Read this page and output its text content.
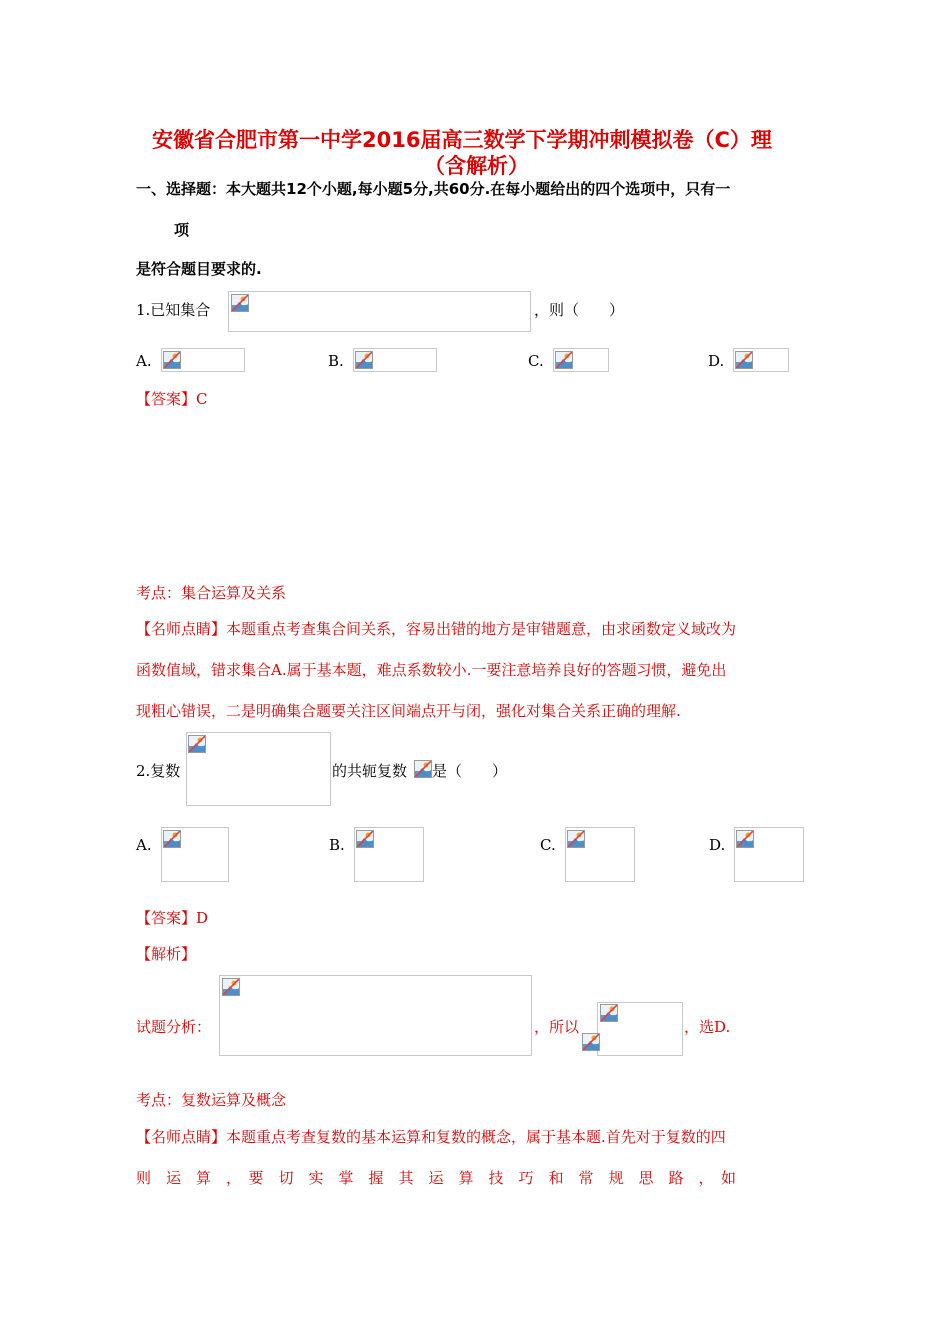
安徽省合肥市第一中学2016届高三数学下学期冲刺模拟卷（C）理
（含解析）
一、选择题：本大题共12个小题,每小题5分,共60分.在每小题给出的四个选项中，只有一
项
是符合题目要求的.
1.已知集合	，则（　　）
A.	B.	C.	D.
【答案】C
考点：集合运算及关系
【名师点睛】本题重点考查集合间关系，容易出错的地方是审错题意，由求函数定义域改为
函数值域，错求集合A.属于基本题，难点系数较小.一要注意培养良好的答题习惯，避免出
现粗心错误，二是明确集合题要关注区间端点开与闭，强化对集合关系正确的理解.
2.复数	的共轭复数 是（　　）
A.	B.	C.	D.
【答案】D
【解析】
试题分析：	，所以	，选D.
考点：复数运算及概念
【名师点睛】本题重点考查复数的基本运算和复数的概念，属于基本题.首先对于复数的四
则　运　算　，　要　切　实　掌　握　其　运　算　技　巧　和　常　规　思　路　，　如
